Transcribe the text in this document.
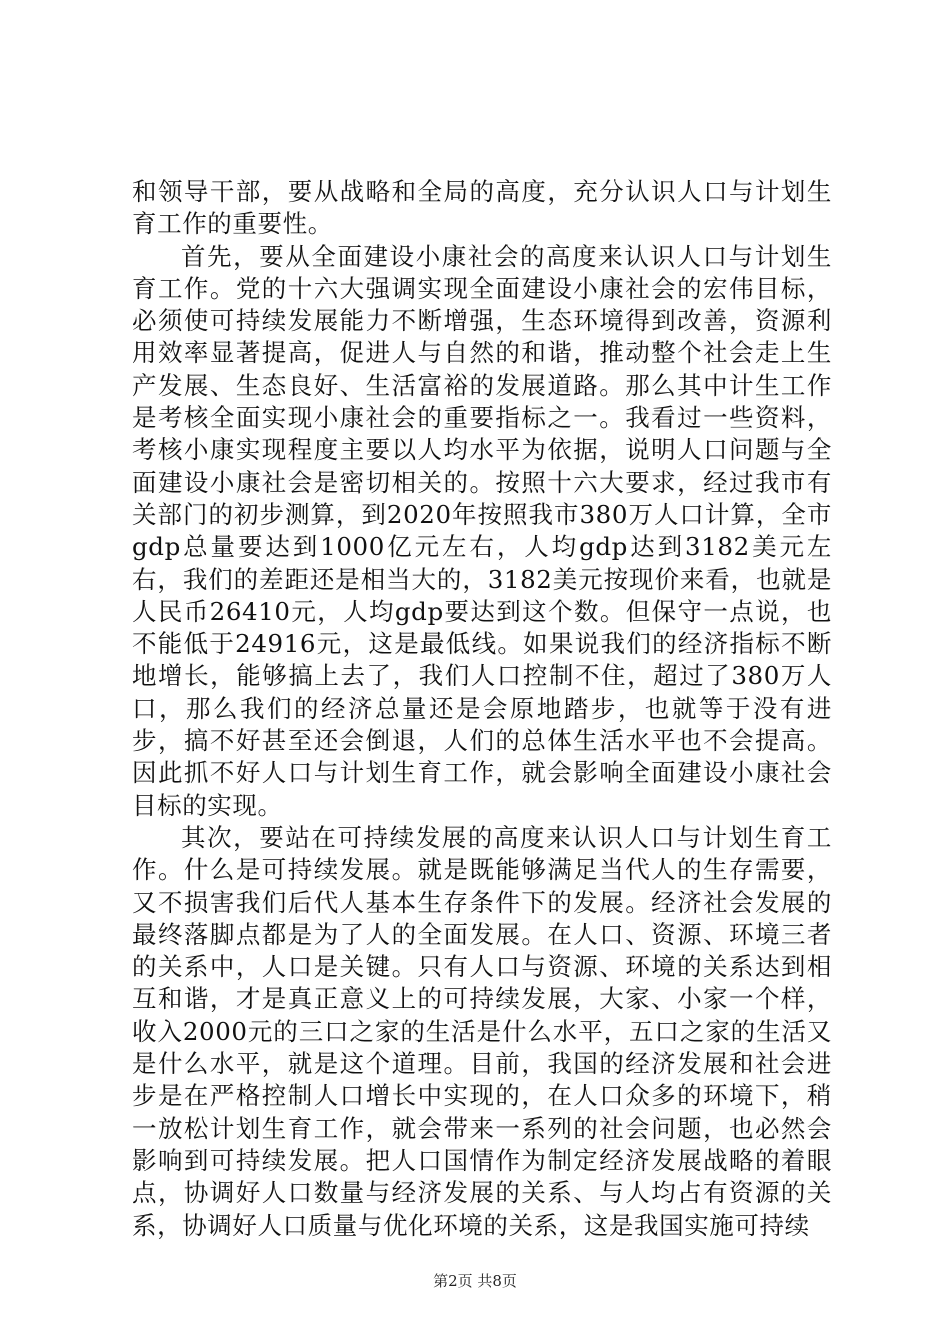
和领导干部，要从战略和全局的高度，充分认识人口与计划生育工作的重要性。

首先，要从全面建设小康社会的高度来认识人口与计划生育工作。党的十六大强调实现全面建设小康社会的宏伟目标，必须使可持续发展能力不断增强，生态环境得到改善，资源利用效率显著提高，促进人与自然的和谐，推动整个社会走上生产发展、生态良好、生活富裕的发展道路。那么其中计生工作是考核全面实现小康社会的重要指标之一。我看过一些资料，考核小康实现程度主要以人均水平为依据，说明人口问题与全面建设小康社会是密切相关的。按照十六大要求，经过我市有关部门的初步测算，到2020年按照我市380万人口计算，全市gdp总量要达到1000亿元左右，人均gdp达到3182美元左右，我们的差距还是相当大的，3182美元按现价来看，也就是人民币26410元，人均gdp要达到这个数。但保守一点说，也不能低于24916元，这是最低线。如果说我们的经济指标不断地增长，能够搞上去了，我们人口控制不住，超过了380万人口，那么我们的经济总量还是会原地踏步，也就等于没有进步，搞不好甚至还会倒退，人们的总体生活水平也不会提高。因此抓不好人口与计划生育工作，就会影响全面建设小康社会目标的实现。

其次，要站在可持续发展的高度来认识人口与计划生育工作。什么是可持续发展。就是既能够满足当代人的生存需要，又不损害我们后代人基本生存条件下的发展。经济社会发展的最终落脚点都是为了人的全面发展。在人口、资源、环境三者的关系中，人口是关键。只有人口与资源、环境的关系达到相互和谐，才是真正意义上的可持续发展，大家、小家一个样，收入2000元的三口之家的生活是什么水平，五口之家的生活又是什么水平，就是这个道理。目前，我国的经济发展和社会进步是在严格控制人口增长中实现的，在人口众多的环境下，稍一放松计划生育工作，就会带来一系列的社会问题，也必然会影响到可持续发展。把人口国情作为制定经济发展战略的着眼点，协调好人口数量与经济发展的关系、与人均占有资源的关系，协调好人口质量与优化环境的关系，这是我国实施可持续

第2页 共8页
